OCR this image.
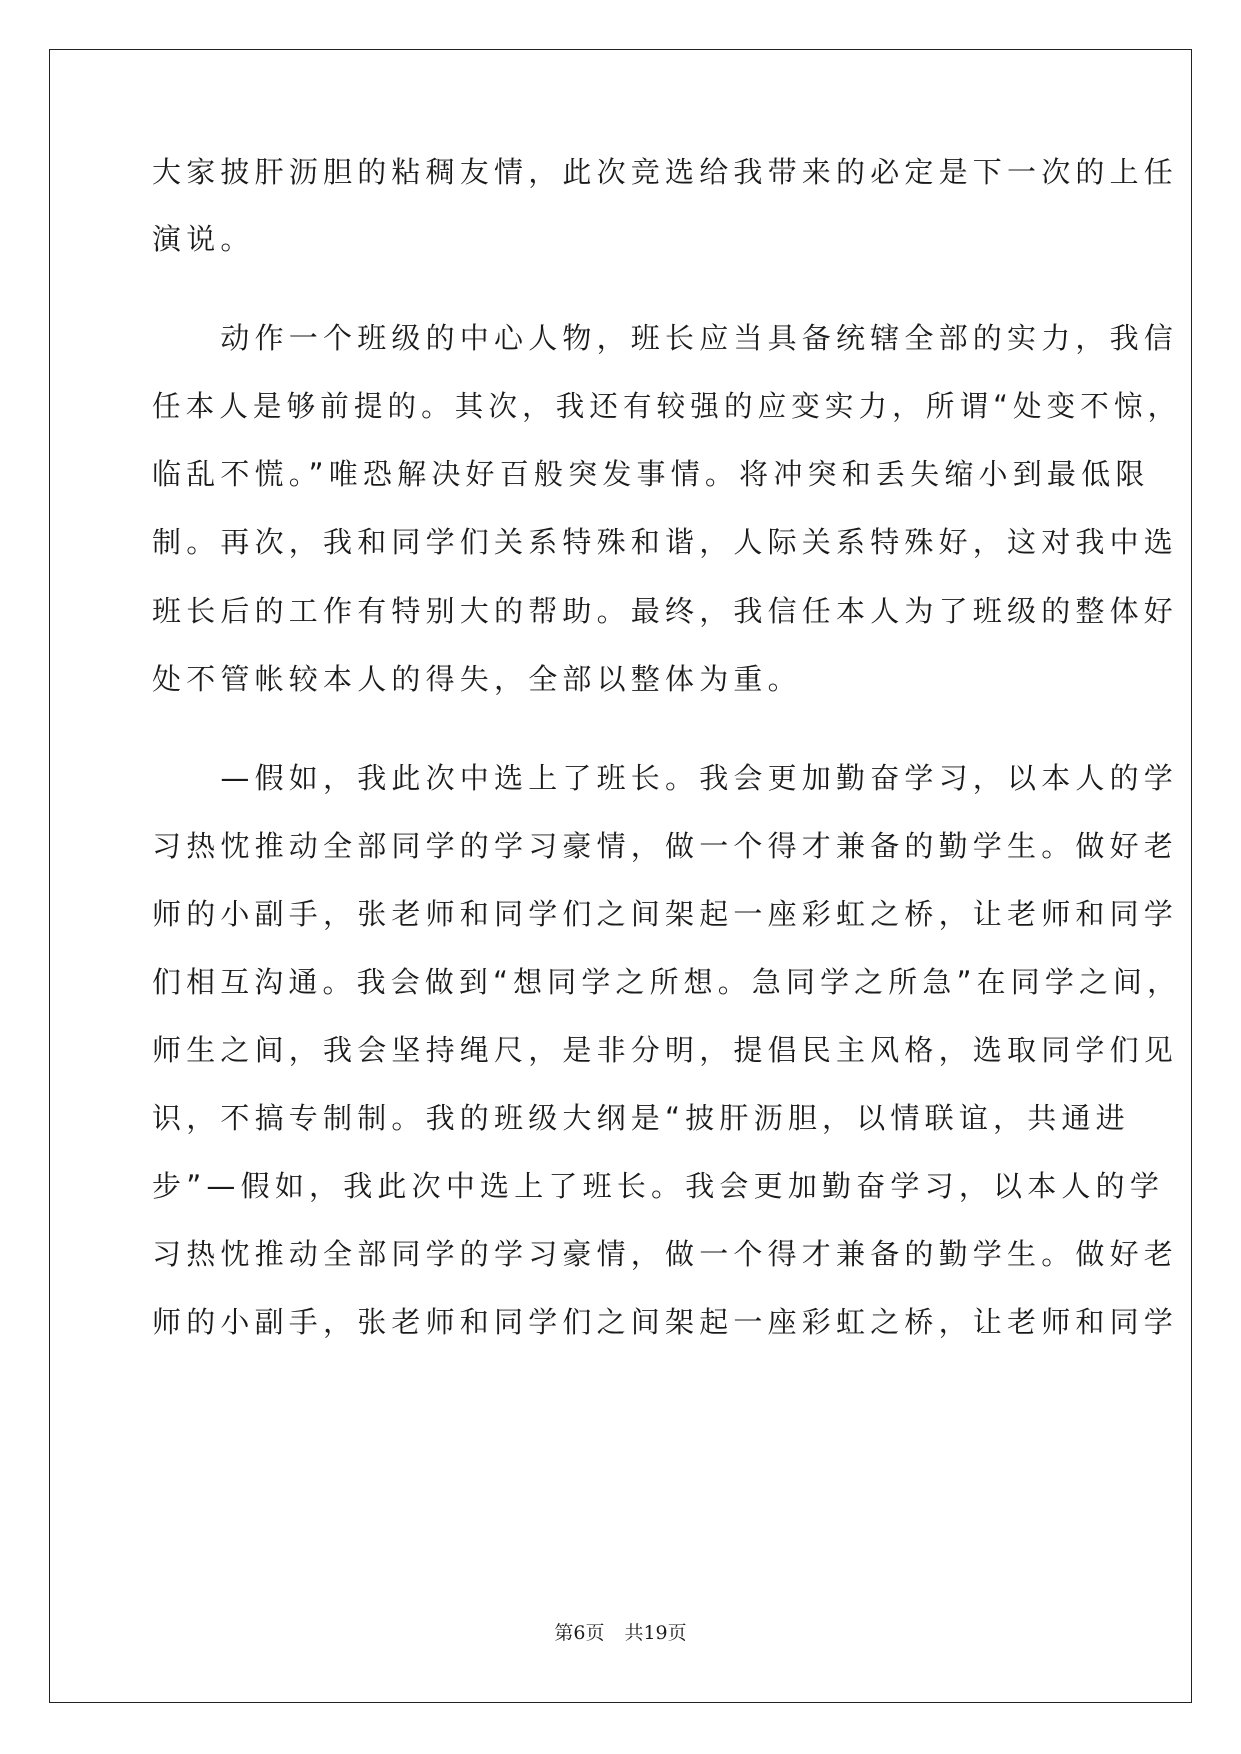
大家披肝沥胆的粘稠友情，此次竞选给我带来的必定是下一次的上任
演说。
　　动作一个班级的中心人物，班长应当具备统辖全部的实力，我信
任本人是够前提的。其次，我还有较强的应变实力，所谓“处变不惊，
临乱不慌。”唯恐解决好百般突发事情。将冲突和丢失缩小到最低限
制。再次，我和同学们关系特殊和谐，人际关系特殊好，这对我中选
班长后的工作有特别大的帮助。最终，我信任本人为了班级的整体好
处不管帐较本人的得失，全部以整体为重。
　　—假如，我此次中选上了班长。我会更加勤奋学习，以本人的学
习热忱推动全部同学的学习豪情，做一个得才兼备的勤学生。做好老
师的小副手，张老师和同学们之间架起一座彩虹之桥，让老师和同学
们相互沟通。我会做到“想同学之所想。急同学之所急”在同学之间，
师生之间，我会坚持绳尺，是非分明，提倡民主风格，选取同学们见
识，不搞专制制。我的班级大纲是“披肝沥胆，以情联谊，共通进
步”—假如，我此次中选上了班长。我会更加勤奋学习，以本人的学
习热忱推动全部同学的学习豪情，做一个得才兼备的勤学生。做好老
师的小副手，张老师和同学们之间架起一座彩虹之桥，让老师和同学
第6页 共19页
